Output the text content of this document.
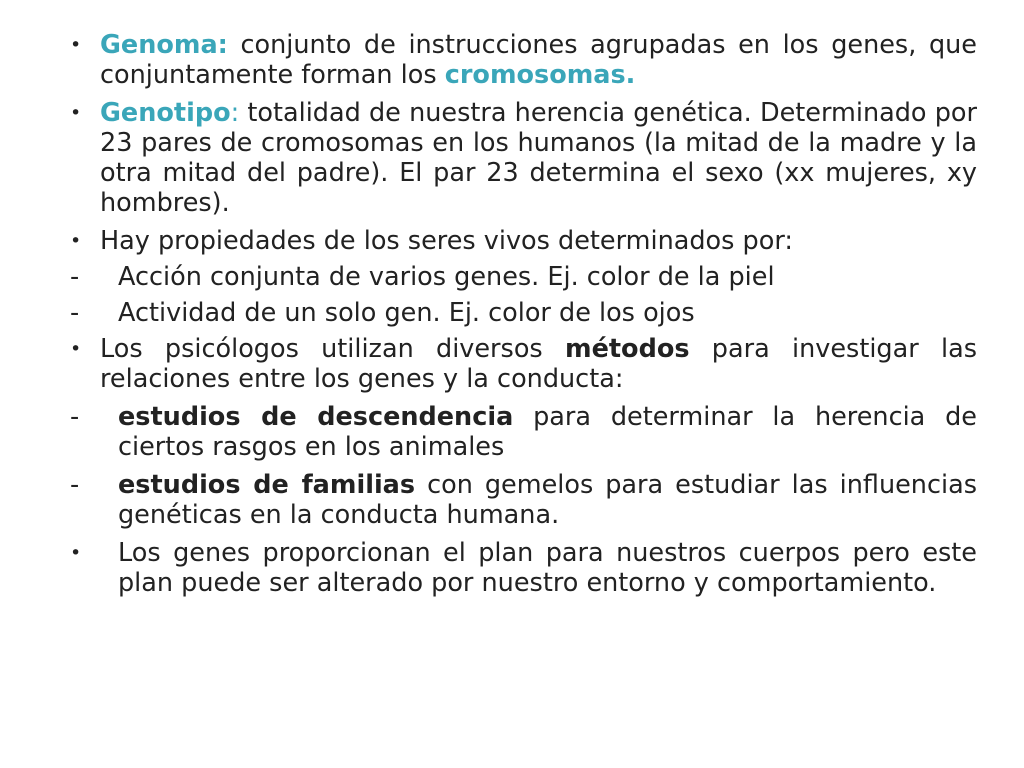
• Genoma: conjunto de instrucciones agrupadas en los genes, que conjuntamente forman los cromosomas.
• Genotipo: totalidad de nuestra herencia genética. Determinado por 23 pares de cromosomas en los humanos (la mitad de la madre y la otra mitad del padre). El par 23 determina el sexo (xx mujeres, xy hombres).
• Hay propiedades de los seres vivos determinados por:
- Acción conjunta de varios genes. Ej. color de la piel
- Actividad de un solo gen. Ej. color de los ojos
• Los psicólogos utilizan diversos métodos para investigar las relaciones entre los genes y la conducta:
- estudios de descendencia para determinar la herencia de ciertos rasgos en los animales
- estudios de familias con gemelos para estudiar las influencias genéticas en la conducta humana.
• Los genes proporcionan el plan para nuestros cuerpos pero este plan puede ser alterado por nuestro entorno y comportamiento.
